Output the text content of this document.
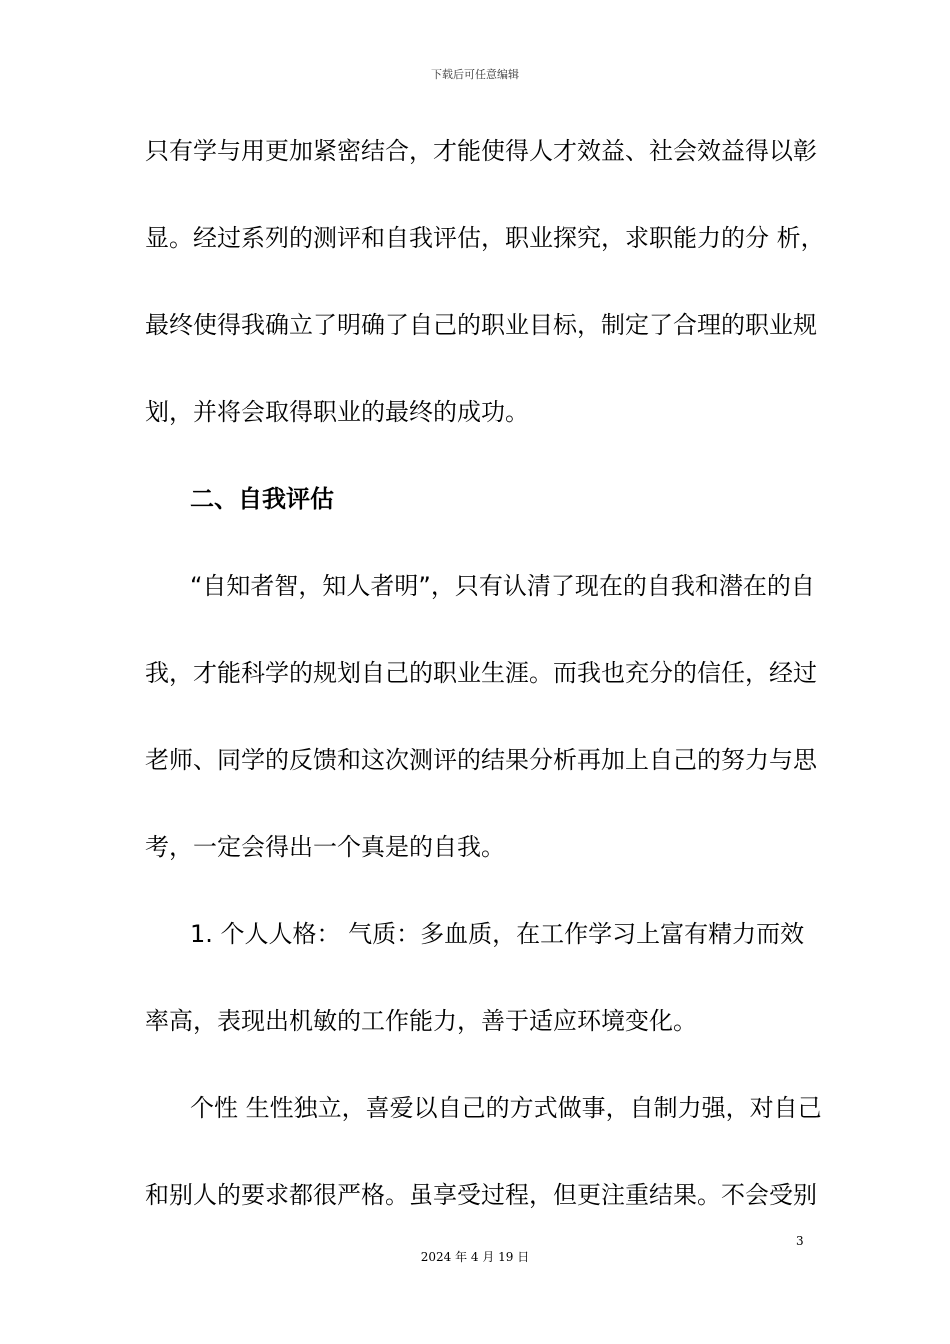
下载后可任意编辑
只有学与用更加紧密结合，才能使得人才效益、社会效益得以彰
显。经过系列的测评和自我评估，职业探究，求职能力的分 析，
最终使得我确立了明确了自己的职业目标，制定了合理的职业规
划，并将会取得职业的最终的成功。
二、自我评估
“自知者智，知人者明”，只有认清了现在的自我和潜在的自
我，才能科学的规划自己的职业生涯。而我也充分的信任，经过
老师、同学的反馈和这次测评的结果分析再加上自己的努力与思
考，一定会得出一个真是的自我。
1. 个人人格： 气质：多血质，在工作学习上富有精力而效
率高，表现出机敏的工作能力，善于适应环境变化。
个性 生性独立，喜爱以自己的方式做事，自制力强，对自己
和别人的要求都很严格。虽享受过程，但更注重结果。不会受别
3
2024 年 4 月 19 日
